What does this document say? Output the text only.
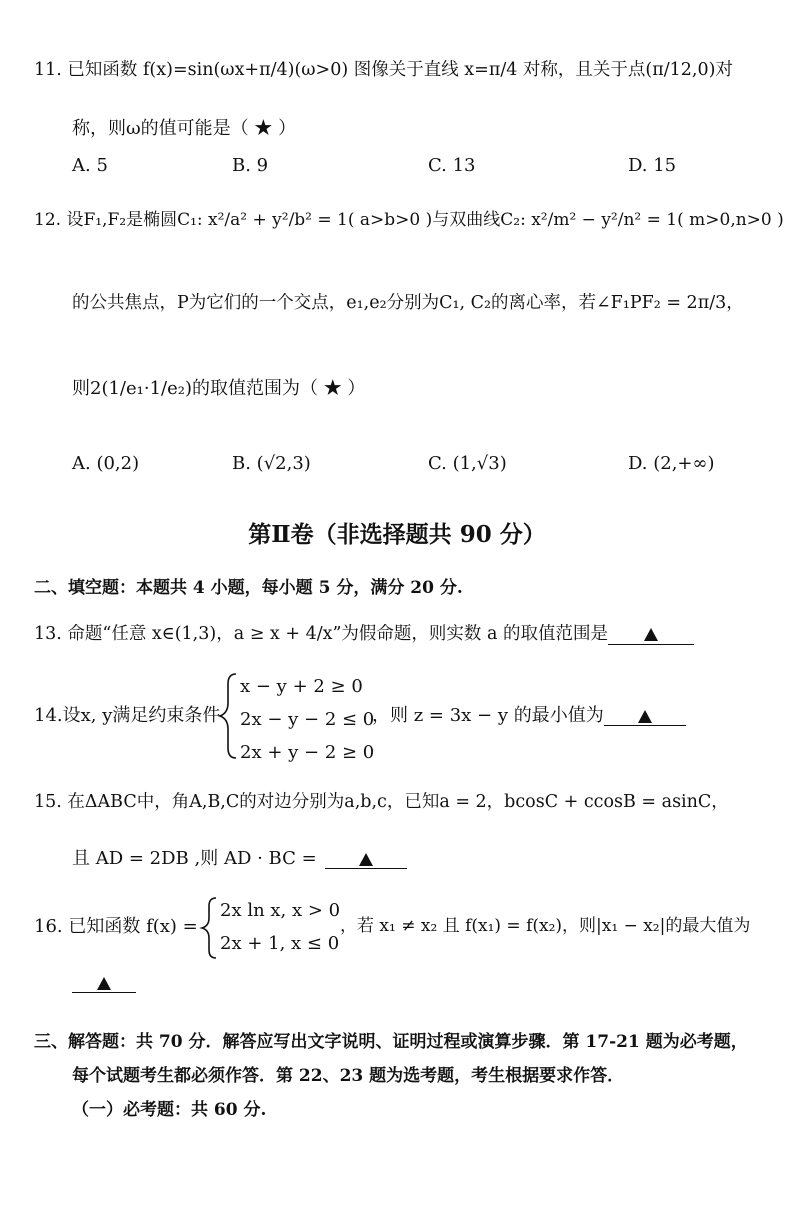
11. 已知函数 f(x)=sin(ωx+π/4)(ω>0) 图像关于直线 x=π/4 对称，且关于点(π/12,0)对
称，则ω的值可能是（ ★ ）
A. 5	B. 9	C. 13	D. 15
12. 设F₁,F₂是椭圆C₁: x²/a² + y²/b² = 1( a>b>0 )与双曲线C₂: x²/m² − y²/n² = 1( m>0,n>0 )
的公共焦点，P为它们的一个交点，e₁,e₂分别为C₁, C₂的离心率，若∠F₁PF₂ = 2π/3，
则2(1/e₁·1/e₂)的取值范围为（ ★ ）
A. (0,2)	B. (√2,3)	C. (1,√3)	D. (2,+∞)
第Ⅱ卷（非选择题共 90 分）
二、填空题：本题共 4 小题，每小题 5 分，满分 20 分.
13. 命题“任意 x∈(1,3)，a ≥ x + 4/x”为假命题，则实数 a 的取值范围是
14.设x, y满足约束条件
x − y + 2 ≥ 0
2x − y − 2 ≤ 0
2x + y − 2 ≥ 0
，则 z = 3x − y 的最小值为
15. 在ΔABC中，角A,B,C的对边分别为a,b,c，已知a = 2，bcosC + ccosB = asinC，
且 AD = 2DB ,则 AD · BC =
16. 已知函数 f(x) =
2x ln x, x > 0
2x + 1, x ≤ 0
，若 x₁ ≠ x₂ 且 f(x₁) = f(x₂)，则|x₁ − x₂|的最大值为
三、解答题：共 70 分．解答应写出文字说明、证明过程或演算步骤．第 17-21 题为必考题，
每个试题考生都必须作答．第 22、23 题为选考题，考生根据要求作答．
（一）必考题：共 60 分.
